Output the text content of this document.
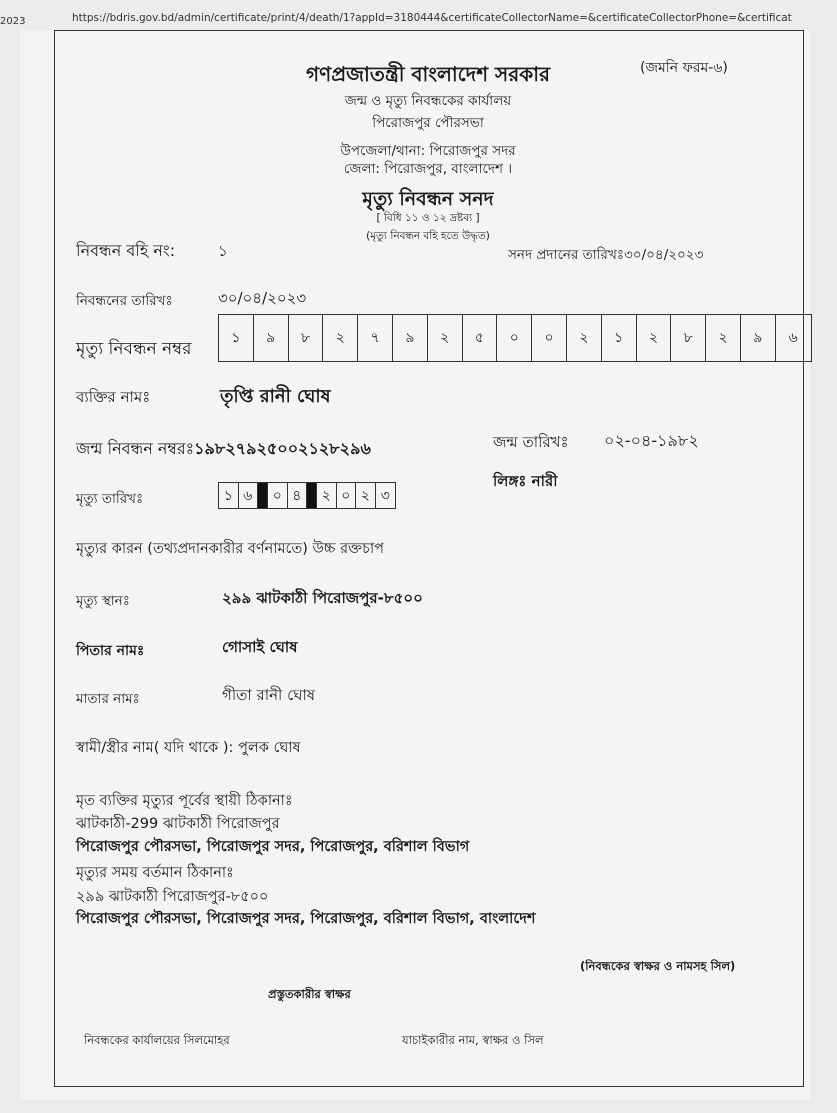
2023	https://bdris.gov.bd/admin/certificate/print/4/death/1?appId=3180444&certificateCollectorName=&certificateCollectorPhone=&certificat
গণপ্রজাতন্ত্রী বাংলাদেশ সরকার	(জমনি ফরম-৬)
জন্ম ও মৃত্যু নিবন্ধকের কার্যালয়
পিরোজপুর পৌরসভা
উপজেলা/থানা: পিরোজপুর সদর
জেলা: পিরোজপুর, বাংলাদেশ ।
মৃত্যু নিবন্ধন সনদ
[ বিধি ১১ ও ১২ দ্রষ্টব্য ]
(মৃত্যু নিবন্ধন বহি হতে উদ্ধৃত)
নিবন্ধন বহি নং:	১	সনদ প্রদানের তারিখঃ৩০/০৪/২০২৩
নিবন্ধনের তারিখঃ	৩০/০৪/২০২৩
মৃত্যু নিবন্ধন নম্বর
১	৯	৮	২	৭	৯	২	৫	০	০	২	১	২	৮	২	৯	৬
ব্যক্তির নামঃ	তৃপ্তি রানী ঘোষ
জন্ম নিবন্ধন নম্বরঃ১৯৮২৭৯২৫০০২১২৮২৯৬	জন্ম তারিখঃ ০২-০৪-১৯৮২
লিঙ্গঃ নারী
মৃত্যু তারিখঃ	১ ৬	০ ৪	২ ০ ২ ৩
মৃত্যুর কারন (তথ্যপ্রদানকারীর বর্ণনামতে) উচ্চ রক্তচাপ
মৃত্যু স্থানঃ	২৯৯ ঝাটকাঠী পিরোজপুর-৮৫০০
পিতার নামঃ	গোসাই ঘোষ
মাতার নামঃ	গীতা রানী ঘোষ
স্বামী/স্ত্রীর নাম( যদি থাকে ): পুলক ঘোষ
মৃত ব্যক্তির মৃত্যুর পূর্বের স্থায়ী ঠিকানাঃ
ঝাটকাঠী-299 ঝাটকাঠী পিরোজপুর
পিরোজপুর পৌরসভা, পিরোজপুর সদর, পিরোজপুর, বরিশাল বিভাগ
মৃত্যুর সময় বর্তমান ঠিকানাঃ
২৯৯ ঝাটকাঠী পিরোজপুর-৮৫০০
পিরোজপুর পৌরসভা, পিরোজপুর সদর, পিরোজপুর, বরিশাল বিভাগ, বাংলাদেশ
(নিবন্ধকের স্বাক্ষর ও নামসহ সিল)
প্রস্তুতকারীর স্বাক্ষর
নিবন্ধকের কার্যালয়ের সিলমোহর	যাচাইকারীর নাম, স্বাক্ষর ও সিল
